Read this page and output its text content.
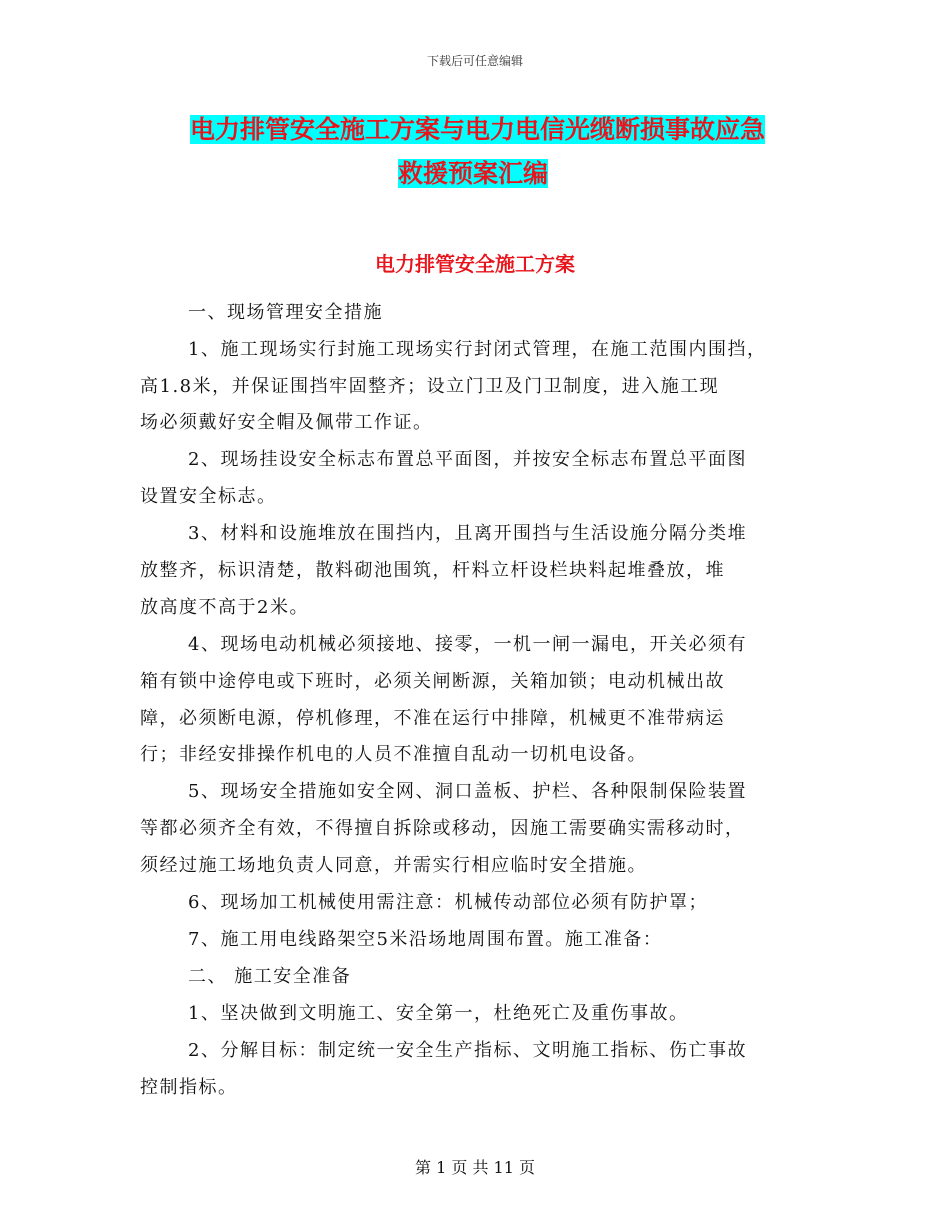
下载后可任意编辑
电力排管安全施工方案与电力电信光缆断损事故应急
救援预案汇编
电力排管安全施工方案
一、现场管理安全措施
1、施工现场实行封施工现场实行封闭式管理，在施工范围内围挡，
高1.8米，并保证围挡牢固整齐；设立门卫及门卫制度，进入施工现
场必须戴好安全帽及佩带工作证。
2、现场挂设安全标志布置总平面图，并按安全标志布置总平面图
设置安全标志。
3、材料和设施堆放在围挡内，且离开围挡与生活设施分隔分类堆
放整齐，标识清楚，散料砌池围筑，杆料立杆设栏块料起堆叠放，堆
放高度不高于2米。
4、现场电动机械必须接地、接零，一机一闸一漏电，开关必须有
箱有锁中途停电或下班时，必须关闸断源，关箱加锁；电动机械出故
障，必须断电源，停机修理，不准在运行中排障，机械更不准带病运
行；非经安排操作机电的人员不准擅自乱动一切机电设备。
5、现场安全措施如安全网、洞口盖板、护栏、各种限制保险装置
等都必须齐全有效，不得擅自拆除或移动，因施工需要确实需移动时，
须经过施工场地负责人同意，并需实行相应临时安全措施。
6、现场加工机械使用需注意：机械传动部位必须有防护罩；
7、施工用电线路架空5米沿场地周围布置。施工准备：
二、 施工安全准备
1、坚决做到文明施工、安全第一，杜绝死亡及重伤事故。
2、分解目标：制定统一安全生产指标、文明施工指标、伤亡事故
控制指标。
第 1 页 共 11 页
